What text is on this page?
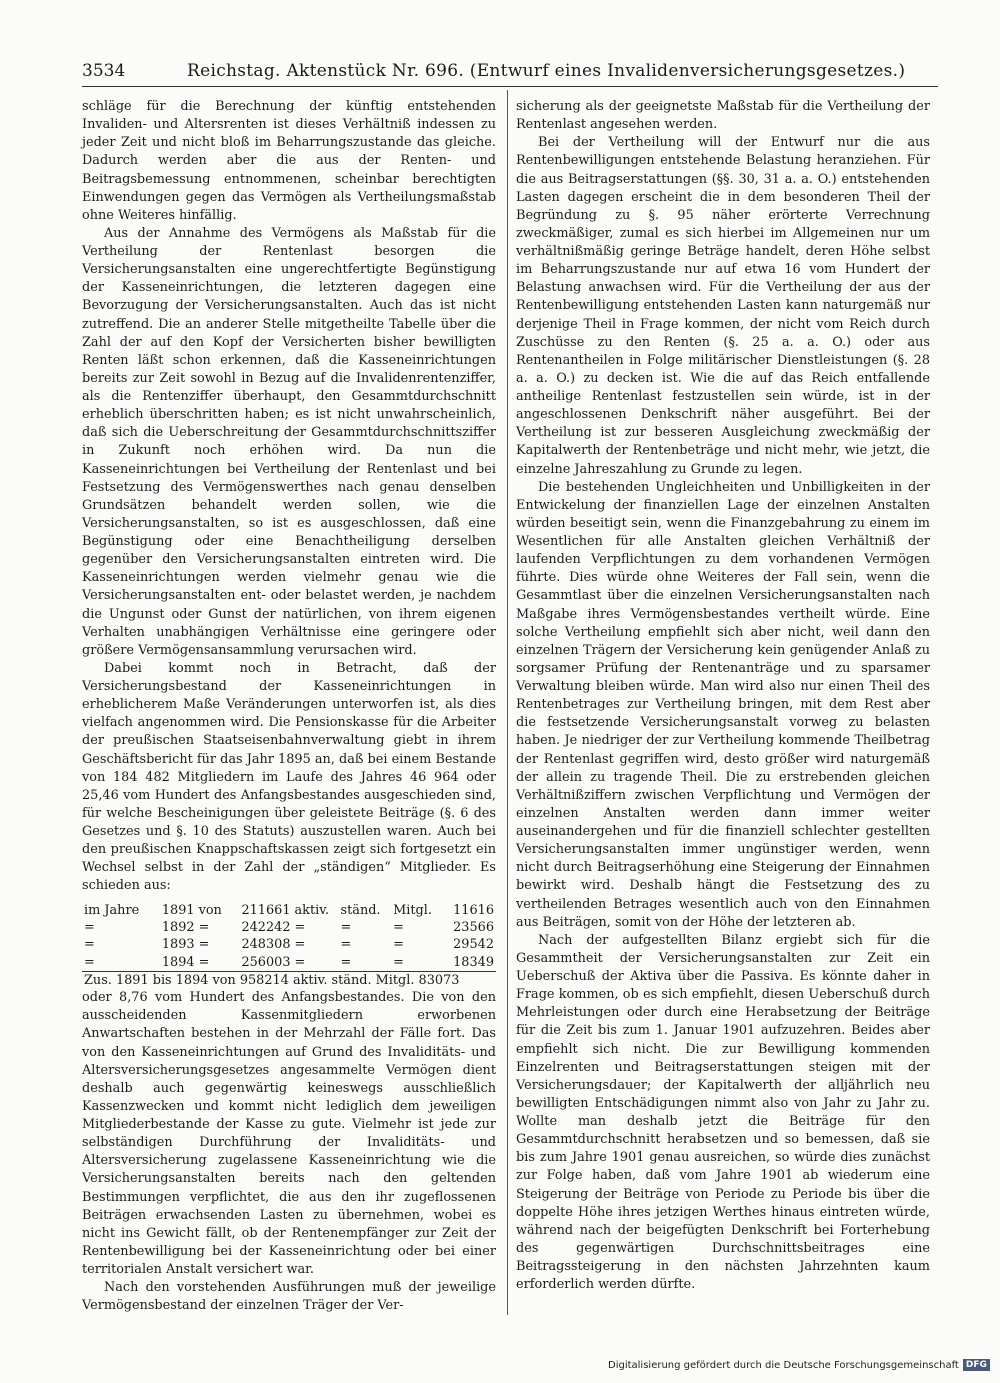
3534	Reichstag. Aktenstück Nr. 696. (Entwurf eines Invalidenversicherungsgesetzes.)

schläge für die Berechnung der künftig entstehenden Invaliden- und Altersrenten ist dieses Verhältniß indessen zu jeder Zeit und nicht bloß im Beharrungszustande das gleiche. Dadurch werden aber die aus der Renten- und Beitragsbemessung entnommenen, scheinbar berechtigten Einwendungen gegen das Vermögen als Vertheilungsmaßstab ohne Weiteres hinfällig.

Aus der Annahme des Vermögens als Maßstab für die Vertheilung der Rentenlast besorgen die Versicherungsanstalten eine ungerechtfertigte Begünstigung der Kasseneinrichtungen, die letzteren dagegen eine Bevorzugung der Versicherungsanstalten. Auch das ist nicht zutreffend. Die an anderer Stelle mitgetheilte Tabelle über die Zahl der auf den Kopf der Versicherten bisher bewilligten Renten läßt schon erkennen, daß die Kasseneinrichtungen bereits zur Zeit sowohl in Bezug auf die Invalidenrentenziffer, als die Rentenziffer überhaupt, den Gesammtdurchschnitt erheblich überschritten haben; es ist nicht unwahrscheinlich, daß sich die Ueberschreitung der Gesammtdurchschnittsziffer in Zukunft noch erhöhen wird. Da nun die Kasseneinrichtungen bei Vertheilung der Rentenlast und bei Festsetzung des Vermögenswerthes nach genau denselben Grundsätzen behandelt werden sollen, wie die Versicherungsanstalten, so ist es ausgeschlossen, daß eine Begünstigung oder eine Benachtheiligung derselben gegenüber den Versicherungsanstalten eintreten wird. Die Kasseneinrichtungen werden vielmehr genau wie die Versicherungsanstalten ent- oder belastet werden, je nachdem die Ungunst oder Gunst der natürlichen, von ihrem eigenen Verhalten unabhängigen Verhältnisse eine geringere oder größere Vermögensansammlung verursachen wird.

Dabei kommt noch in Betracht, daß der Versicherungsbestand der Kasseneinrichtungen in erheblicherem Maße Veränderungen unterworfen ist, als dies vielfach angenommen wird. Die Pensionskasse für die Arbeiter der preußischen Staatseisenbahnverwaltung giebt in ihrem Geschäftsbericht für das Jahr 1895 an, daß bei einem Bestande von 184 482 Mitgliedern im Laufe des Jahres 46 964 oder 25,46 vom Hundert des Anfangsbestandes ausgeschieden sind, für welche Bescheinigungen über geleistete Beiträge (§. 6 des Gesetzes und §. 10 des Statuts) auszustellen waren. Auch bei den preußischen Knappschaftskassen zeigt sich fortgesetzt ein Wechsel selbst in der Zahl der „ständigen“ Mitglieder. Es schieden aus:

im Jahre	1891	von	211661	aktiv.	ständ.	Mitgl.	11616
=	1892	=	242242	=	=	=	23566
=	1893	=	248308	=	=	=	29542
=	1894	=	256003	=	=	=	18349
Zus. 1891 bis 1894 von 958214 aktiv. ständ. Mitgl. 83073							

oder 8,76 vom Hundert des Anfangsbestandes. Die von den ausscheidenden Kassenmitgliedern erworbenen Anwartschaften bestehen in der Mehrzahl der Fälle fort. Das von den Kasseneinrichtungen auf Grund des Invaliditäts- und Altersversicherungsgesetzes angesammelte Vermögen dient deshalb auch gegenwärtig keineswegs ausschließlich Kassenzwecken und kommt nicht lediglich dem jeweiligen Mitgliederbestande der Kasse zu gute. Vielmehr ist jede zur selbständigen Durchführung der Invaliditäts- und Altersversicherung zugelassene Kasseneinrichtung wie die Versicherungsanstalten bereits nach den geltenden Bestimmungen verpflichtet, die aus den ihr zugeflossenen Beiträgen erwachsenden Lasten zu übernehmen, wobei es nicht ins Gewicht fällt, ob der Rentenempfänger zur Zeit der Rentenbewilligung bei der Kasseneinrichtung oder bei einer territorialen Anstalt versichert war.

Nach den vorstehenden Ausführungen muß der jeweilige Vermögensbestand der einzelnen Träger der Ver-

sicherung als der geeignetste Maßstab für die Vertheilung der Rentenlast angesehen werden.

Bei der Vertheilung will der Entwurf nur die aus Rentenbewilligungen entstehende Belastung heranziehen. Für die aus Beitragserstattungen (§§. 30, 31 a. a. O.) entstehenden Lasten dagegen erscheint die in dem besonderen Theil der Begründung zu §. 95 näher erörterte Verrechnung zweckmäßiger, zumal es sich hierbei im Allgemeinen nur um verhältnißmäßig geringe Beträge handelt, deren Höhe selbst im Beharrungszustande nur auf etwa 16 vom Hundert der Belastung anwachsen wird. Für die Vertheilung der aus der Rentenbewilligung entstehenden Lasten kann naturgemäß nur derjenige Theil in Frage kommen, der nicht vom Reich durch Zuschüsse zu den Renten (§. 25 a. a. O.) oder aus Rentenantheilen in Folge militärischer Dienstleistungen (§. 28 a. a. O.) zu decken ist. Wie die auf das Reich entfallende antheilige Rentenlast festzustellen sein würde, ist in der angeschlossenen Denkschrift näher ausgeführt. Bei der Vertheilung ist zur besseren Ausgleichung zweckmäßig der Kapitalwerth der Rentenbeträge und nicht mehr, wie jetzt, die einzelne Jahreszahlung zu Grunde zu legen.

Die bestehenden Ungleichheiten und Unbilligkeiten in der Entwickelung der finanziellen Lage der einzelnen Anstalten würden beseitigt sein, wenn die Finanzgebahrung zu einem im Wesentlichen für alle Anstalten gleichen Verhältniß der laufenden Verpflichtungen zu dem vorhandenen Vermögen führte. Dies würde ohne Weiteres der Fall sein, wenn die Gesammtlast über die einzelnen Versicherungsanstalten nach Maßgabe ihres Vermögensbestandes vertheilt würde. Eine solche Vertheilung empfiehlt sich aber nicht, weil dann den einzelnen Trägern der Versicherung kein genügender Anlaß zu sorgsamer Prüfung der Rentenanträge und zu sparsamer Verwaltung bleiben würde. Man wird also nur einen Theil des Rentenbetrages zur Vertheilung bringen, mit dem Rest aber die festsetzende Versicherungsanstalt vorweg zu belasten haben. Je niedriger der zur Vertheilung kommende Theilbetrag der Rentenlast gegriffen wird, desto größer wird naturgemäß der allein zu tragende Theil. Die zu erstrebenden gleichen Verhältnißziffern zwischen Verpflichtung und Vermögen der einzelnen Anstalten werden dann immer weiter auseinandergehen und für die finanziell schlechter gestellten Versicherungsanstalten immer ungünstiger werden, wenn nicht durch Beitragserhöhung eine Steigerung der Einnahmen bewirkt wird. Deshalb hängt die Festsetzung des zu vertheilenden Betrages wesentlich auch von den Einnahmen aus Beiträgen, somit von der Höhe der letzteren ab.

Nach der aufgestellten Bilanz ergiebt sich für die Gesammtheit der Versicherungsanstalten zur Zeit ein Ueberschuß der Aktiva über die Passiva. Es könnte daher in Frage kommen, ob es sich empfiehlt, diesen Ueberschuß durch Mehrleistungen oder durch eine Herabsetzung der Beiträge für die Zeit bis zum 1. Januar 1901 aufzuzehren. Beides aber empfiehlt sich nicht. Die zur Bewilligung kommenden Einzelrenten und Beitragserstattungen steigen mit der Versicherungsdauer; der Kapitalwerth der alljährlich neu bewilligten Entschädigungen nimmt also von Jahr zu Jahr zu. Wollte man deshalb jetzt die Beiträge für den Gesammtdurchschnitt herabsetzen und so bemessen, daß sie bis zum Jahre 1901 genau ausreichen, so würde dies zunächst zur Folge haben, daß vom Jahre 1901 ab wiederum eine Steigerung der Beiträge von Periode zu Periode bis über die doppelte Höhe ihres jetzigen Werthes hinaus eintreten würde, während nach der beigefügten Denkschrift bei Forterhebung des gegenwärtigen Durchschnittsbeitrages eine Beitragssteigerung in den nächsten Jahrzehnten kaum erforderlich werden dürfte.

Digitalisierung gefördert durch die Deutsche Forschungsgemeinschaft DFG
